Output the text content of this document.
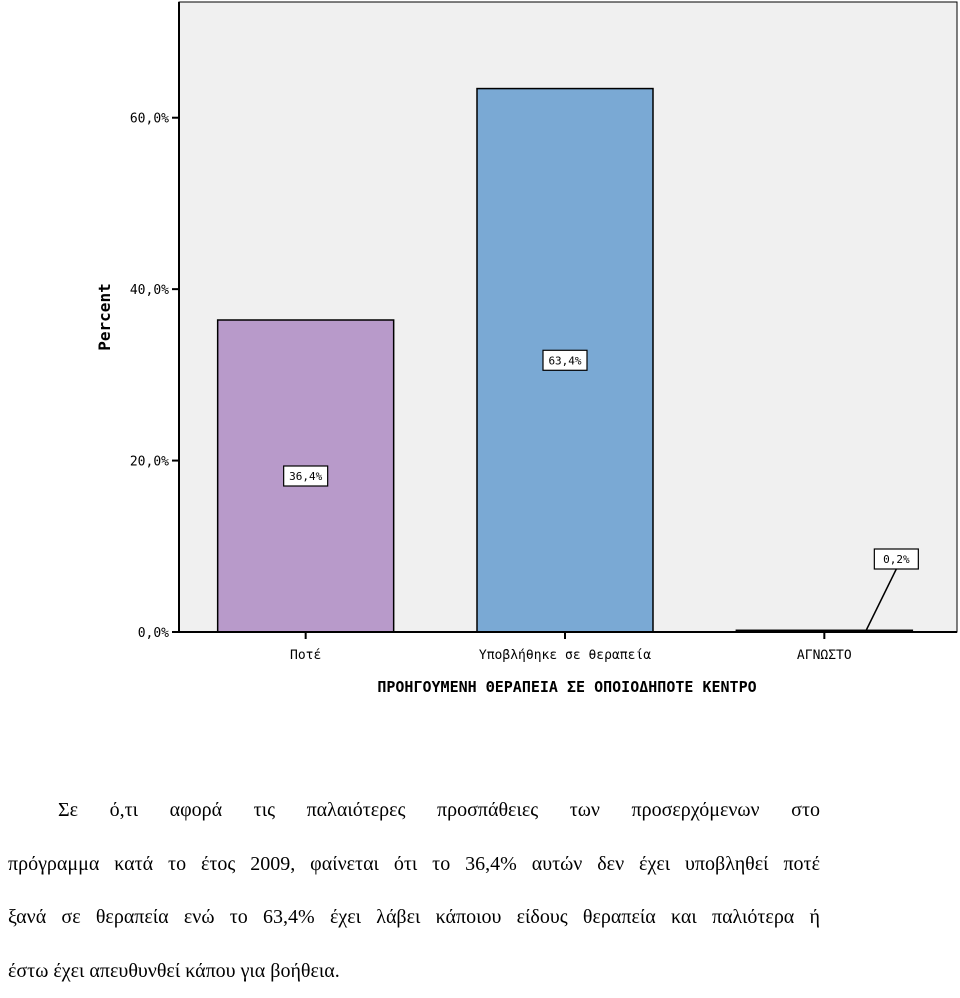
0,0%
20,0%
40,0%
60,0%
36,4%
63,4%
0,2%
Ποτέ	Υποβλήθηκε σε θεραπεία	ΑΓΝΩΣΤΟ
Percent
ΠΡΟΗΓΟΥΜΕΝΗ ΘΕΡΑΠΕΙΑ ΣΕ ΟΠΟΙΟΔΗΠΟΤΕ ΚΕΝΤΡΟ

Σε ό,τι αφορά τις παλαιότερες προσπάθειες των προσερχόμενων στο

πρόγραμμα κατά το έτος 2009, φαίνεται ότι το 36,4% αυτών δεν έχει υποβληθεί ποτέ

ξανά σε θεραπεία ενώ το 63,4% έχει λάβει κάποιου είδους θεραπεία και παλιότερα ή

έστω έχει απευθυνθεί κάπου για βοήθεια.
